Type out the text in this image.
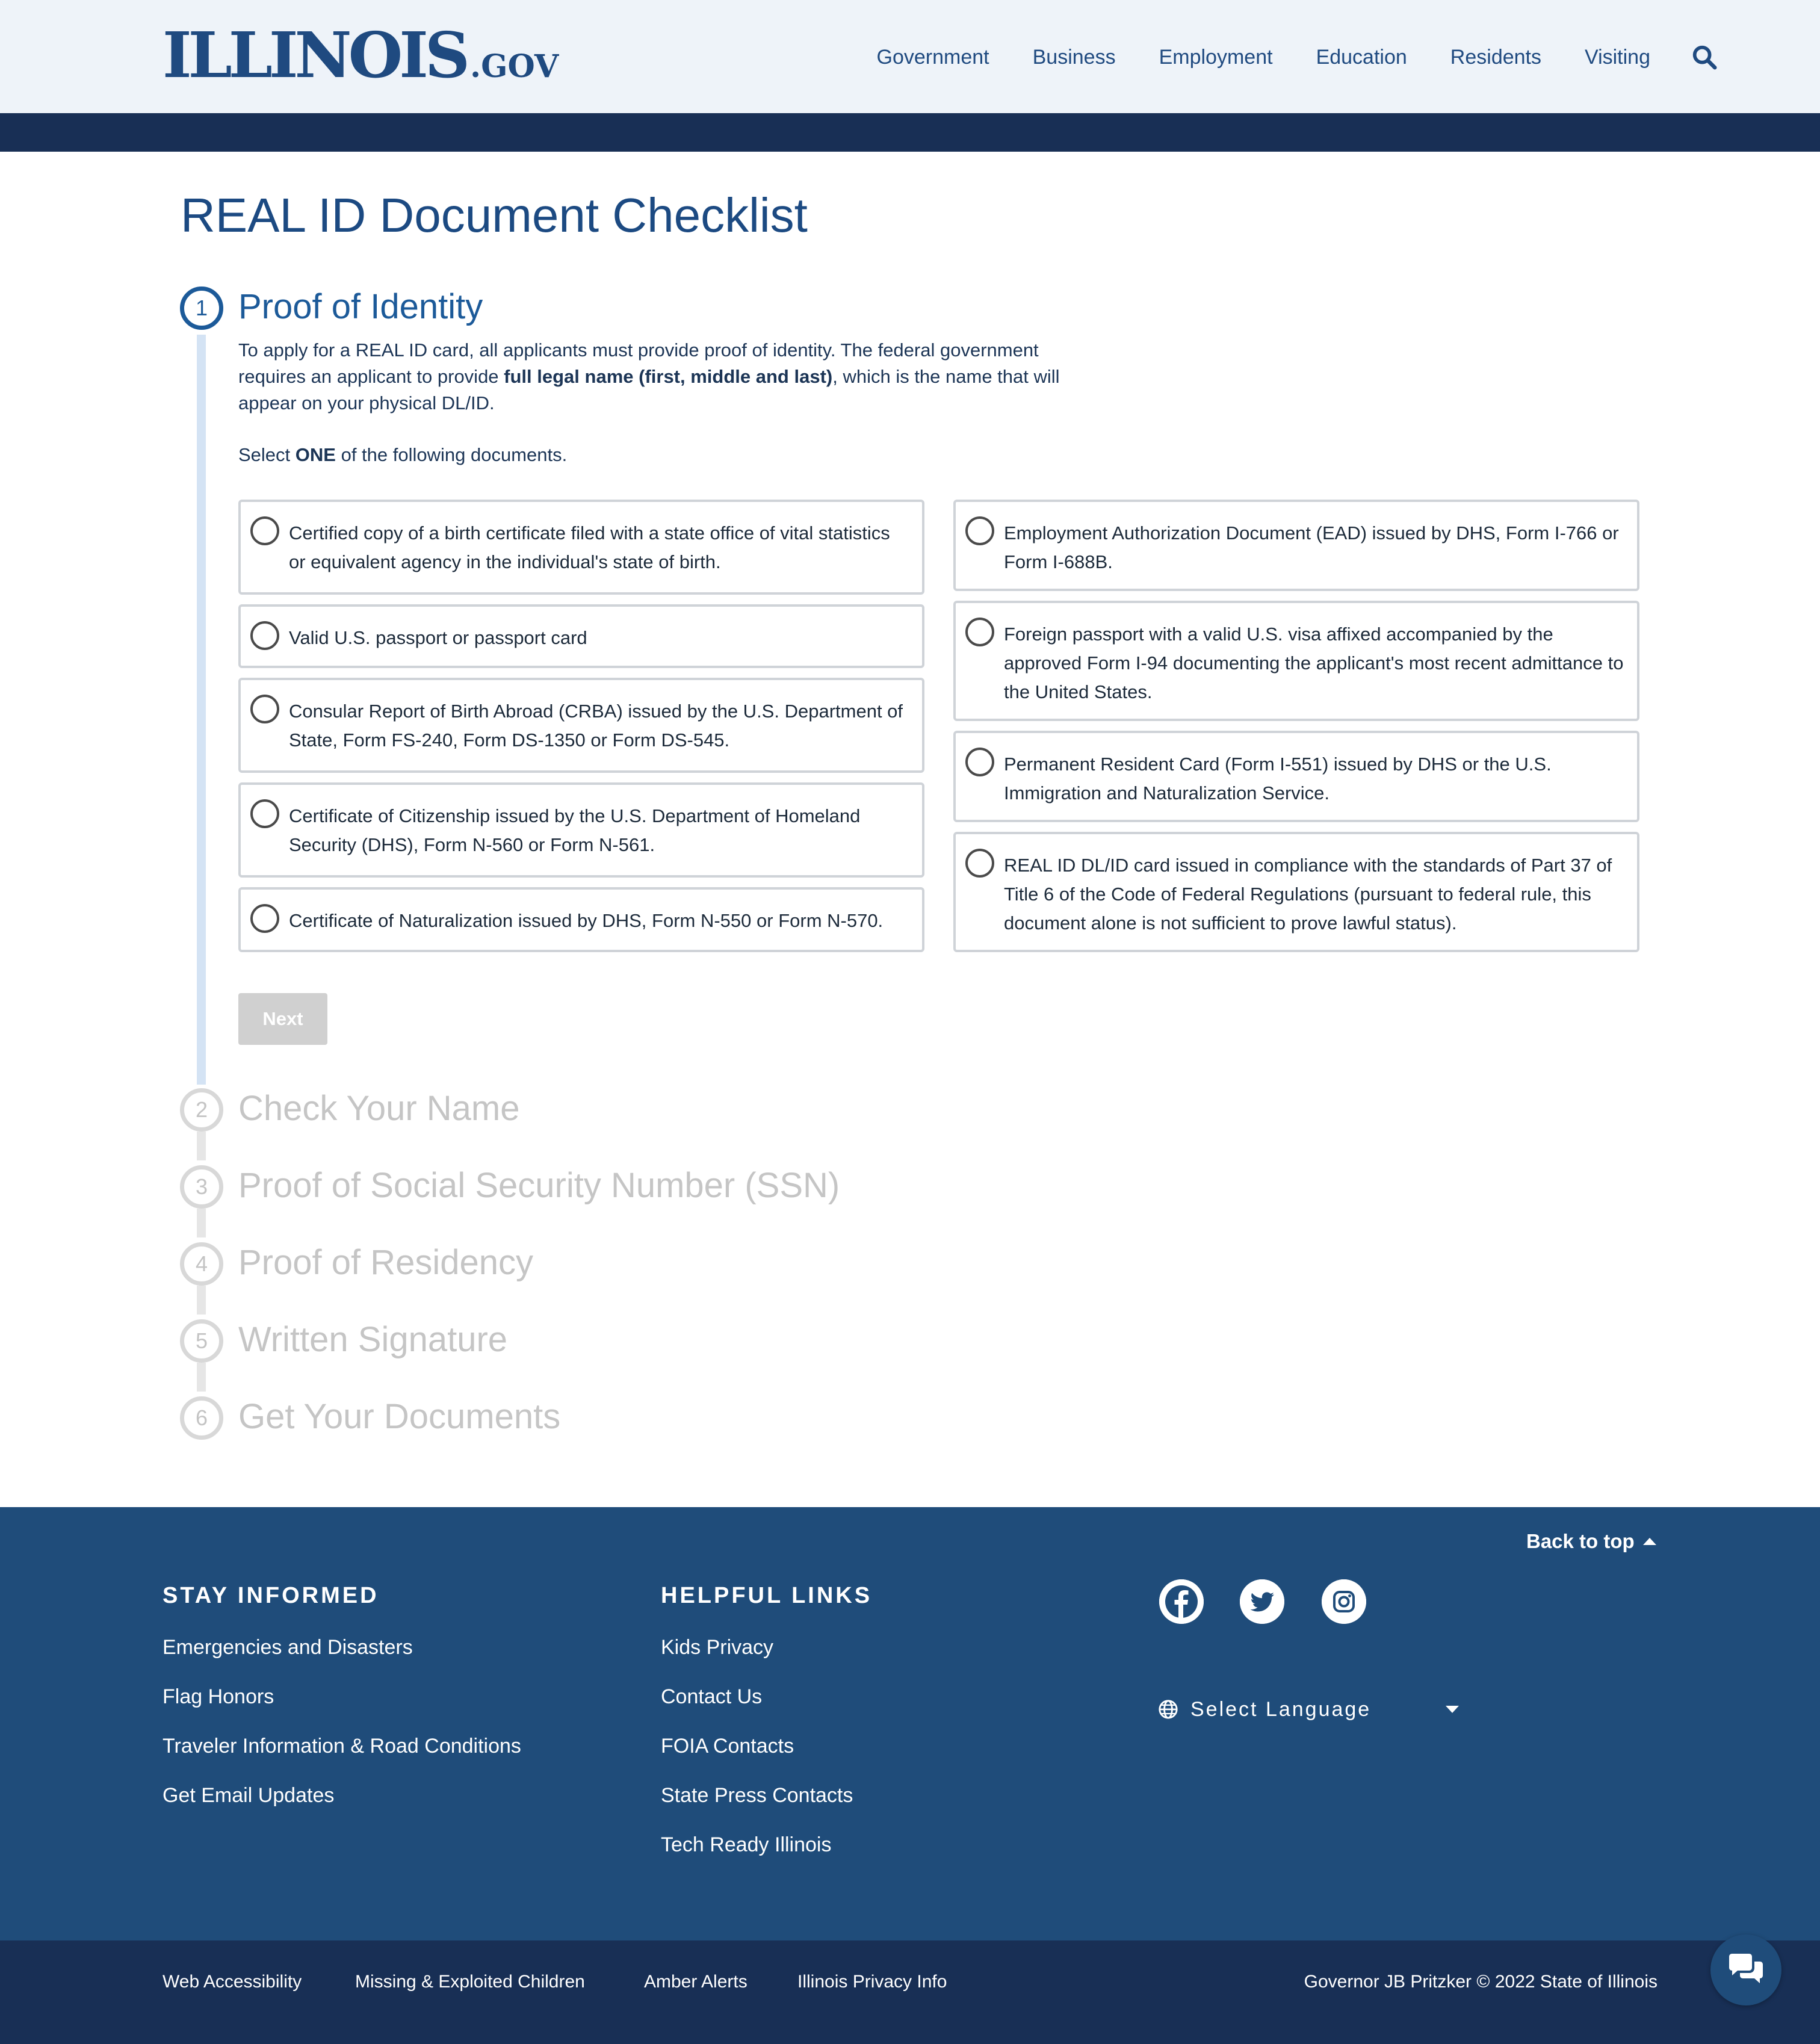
ILLINOIS .GOV	Government Business Employment Education Residents Visiting
REAL ID Document Checklist
1 Proof of Identity

To apply for a REAL ID card, all applicants must provide proof of identity. The federal government requires an applicant to provide full legal name (first, middle and last), which is the name that will appear on your physical DL/ID.

Select ONE of the following documents.

Certified copy of a birth certificate filed with a state office of vital statistics or equivalent agency in the individual's state of birth.
Valid U.S. passport or passport card
Consular Report of Birth Abroad (CRBA) issued by the U.S. Department of State, Form FS-240, Form DS-1350 or Form DS-545.
Certificate of Citizenship issued by the U.S. Department of Homeland Security (DHS), Form N-560 or Form N-561.
Certificate of Naturalization issued by DHS, Form N-550 or Form N-570.
Employment Authorization Document (EAD) issued by DHS, Form I-766 or Form I-688B.
Foreign passport with a valid U.S. visa affixed accompanied by the approved Form I-94 documenting the applicant's most recent admittance to the United States.
Permanent Resident Card (Form I-551) issued by DHS or the U.S. Immigration and Naturalization Service.
REAL ID DL/ID card issued in compliance with the standards of Part 37 of Title 6 of the Code of Federal Regulations (pursuant to federal rule, this document alone is not sufficient to prove lawful status).
Next
2 Check Your Name
3 Proof of Social Security Number (SSN)
4 Proof of Residency
5 Written Signature
6 Get Your Documents
Back to top
STAY INFORMED
Emergencies and Disasters
Flag Honors
Traveler Information & Road Conditions
Get Email Updates
HELPFUL LINKS
Kids Privacy
Contact Us
FOIA Contacts
State Press Contacts
Tech Ready Illinois
Select Language
Web Accessibility	Missing & Exploited Children	Amber Alerts	Illinois Privacy Info	Governor JB Pritzker © 2022 State of Illinois
